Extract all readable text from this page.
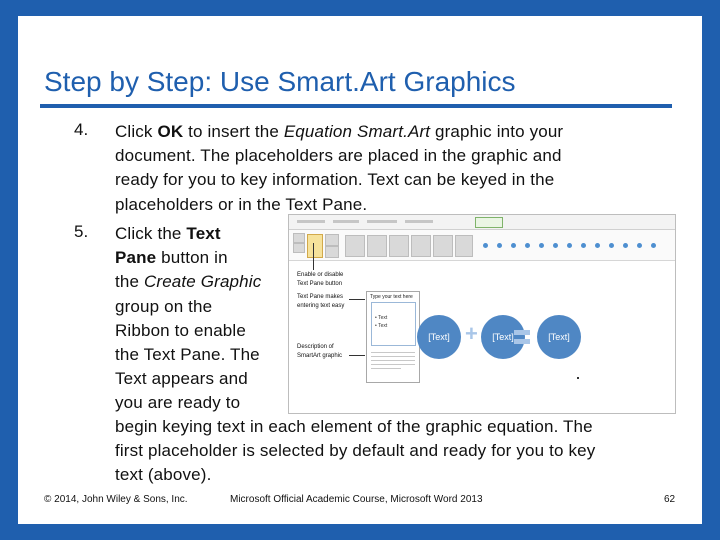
Step by Step: Use Smart.Art Graphics
4. Click OK to insert the Equation Smart.Art graphic into your
document. The placeholders are placed in the graphic and
ready for you to key information. Text can be keyed in the
placeholders or in the Text Pane.
5. Click the Text
Pane button in
the Create Graphic
group on the
Ribbon to enable
the Text Pane. The
Text appears and
you are ready to
begin keying text in each element of the graphic equation. The
first placeholder is selected by default and ready for you to key
text (above).
Enable or disable
Text Pane button
Text Pane makes
entering text easy
Description of
SmartArt graphic
Type your text here
• Text
• Text
[Text] +	[Text]	[Text]
© 2014, John Wiley & Sons, Inc.	Microsoft Official Academic Course, Microsoft Word 2013	62
